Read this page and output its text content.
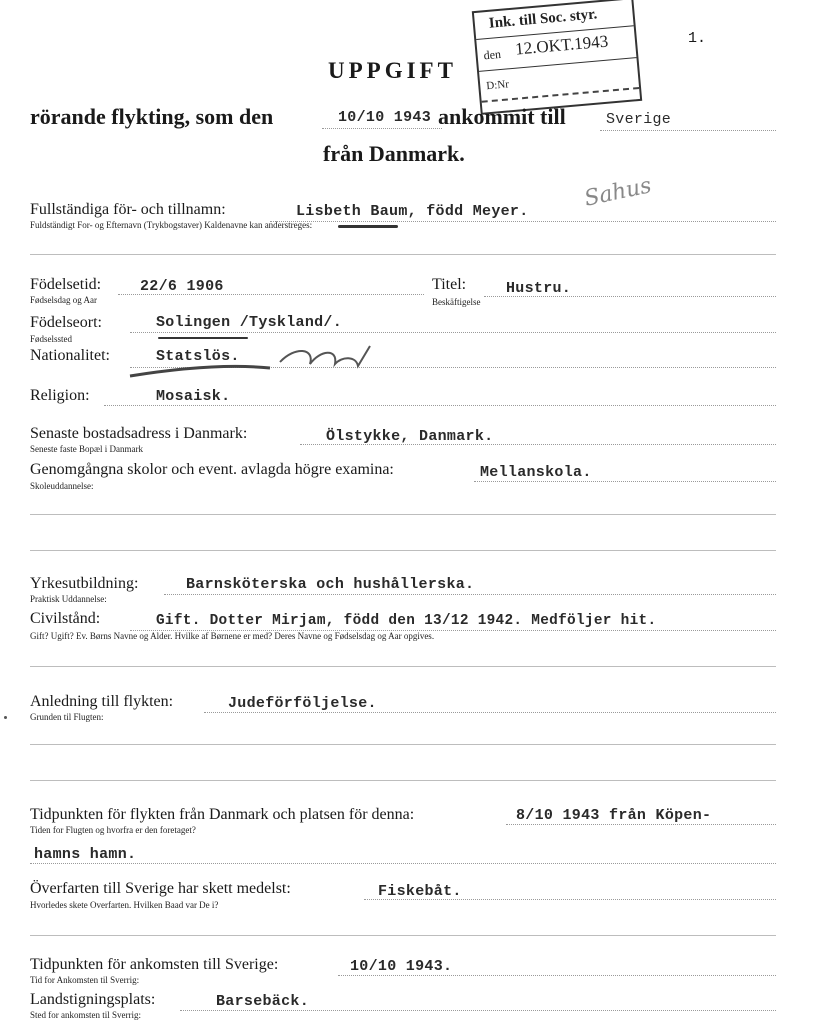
1.
Ink. till Soc. styr.
den 12.OKT.1943
D:Nr
UPPGIFT
rörande flykting, som den	10/10 1943 ankommit till	Sverige
från Danmark.
Sahus
Fullständiga för- och tillnamn:	Lisbeth Baum, född Meyer.
Fuldständigt For- og Efternavn (Trykbogstaver) Kaldenavne kan anderstreges:
Födelsetid:	22/6 1906
Fødselsdag og Aar
Titel:	Hustru.
Beskäftigelse
Födelseort:	Solingen /Tyskland/.
Fødselssted
Nationalitet:	Statslös.
Religion:	Mosaisk.
Senaste bostadsadress i Danmark:	Ölstykke, Danmark.
Seneste faste Bopæl i Danmark
Genomgångna skolor och event. avlagda högre examina:	Mellanskola.
Skoleuddannelse:
Yrkesutbildning:	Barnsköterska och hushållerska.
Praktisk Uddannelse:
Civilstånd:	Gift. Dotter Mirjam, född den 13/12 1942. Medföljer hit.
Gift? Ugift? Ev. Børns Navne og Alder. Hvilke af Børnene er med? Deres Navne og Fødselsdag og Aar opgives.
Anledning till flykten:	Judeförföljelse.
Grunden til Flugten:
Tidpunkten för flykten från Danmark och platsen för denna:	8/10 1943 från Köpen-
Tiden for Flugten og hvorfra er den foretaget?
hamns hamn.
Överfarten till Sverige har skett medelst:	Fiskebåt.
Hvorledes skete Overfarten. Hvilken Baad var De i?
Tidpunkten för ankomsten till Sverige:	10/10 1943.
Tid for Ankomsten til Sverrig:
Landstigningsplats:	Barsebäck.
Sted for ankomsten til Sverrig:
